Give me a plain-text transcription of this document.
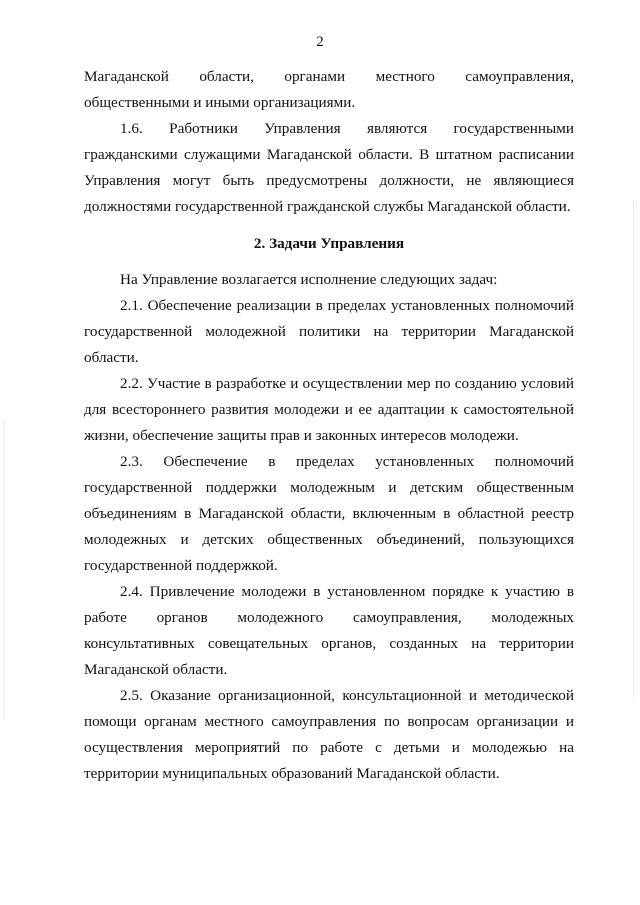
2

Магаданской области, органами местного самоуправления, общественными и иными организациями.

1.6. Работники Управления являются государственными гражданскими служащими Магаданской области. В штатном расписании Управления могут быть предусмотрены должности, не являющиеся должностями государственной гражданской службы Магаданской области.

2. Задачи Управления

На Управление возлагается исполнение следующих задач:

2.1. Обеспечение реализации в пределах установленных полномочий государственной молодежной политики на территории Магаданской области.

2.2. Участие в разработке и осуществлении мер по созданию условий для всестороннего развития молодежи и ее адаптации к самостоятельной жизни, обеспечение защиты прав и законных интересов молодежи.

2.3. Обеспечение в пределах установленных полномочий государственной поддержки молодежным и детским общественным объединениям в Магаданской области, включенным в областной реестр молодежных и детских общественных объединений, пользующихся государственной поддержкой.

2.4. Привлечение молодежи в установленном порядке к участию в работе органов молодежного самоуправления, молодежных консультативных совещательных органов, созданных на территории Магаданской области.

2.5. Оказание организационной, консультационной и методической помощи органам местного самоуправления по вопросам организации и осуществления мероприятий по работе с детьми и молодежью на территории муниципальных образований Магаданской области.
